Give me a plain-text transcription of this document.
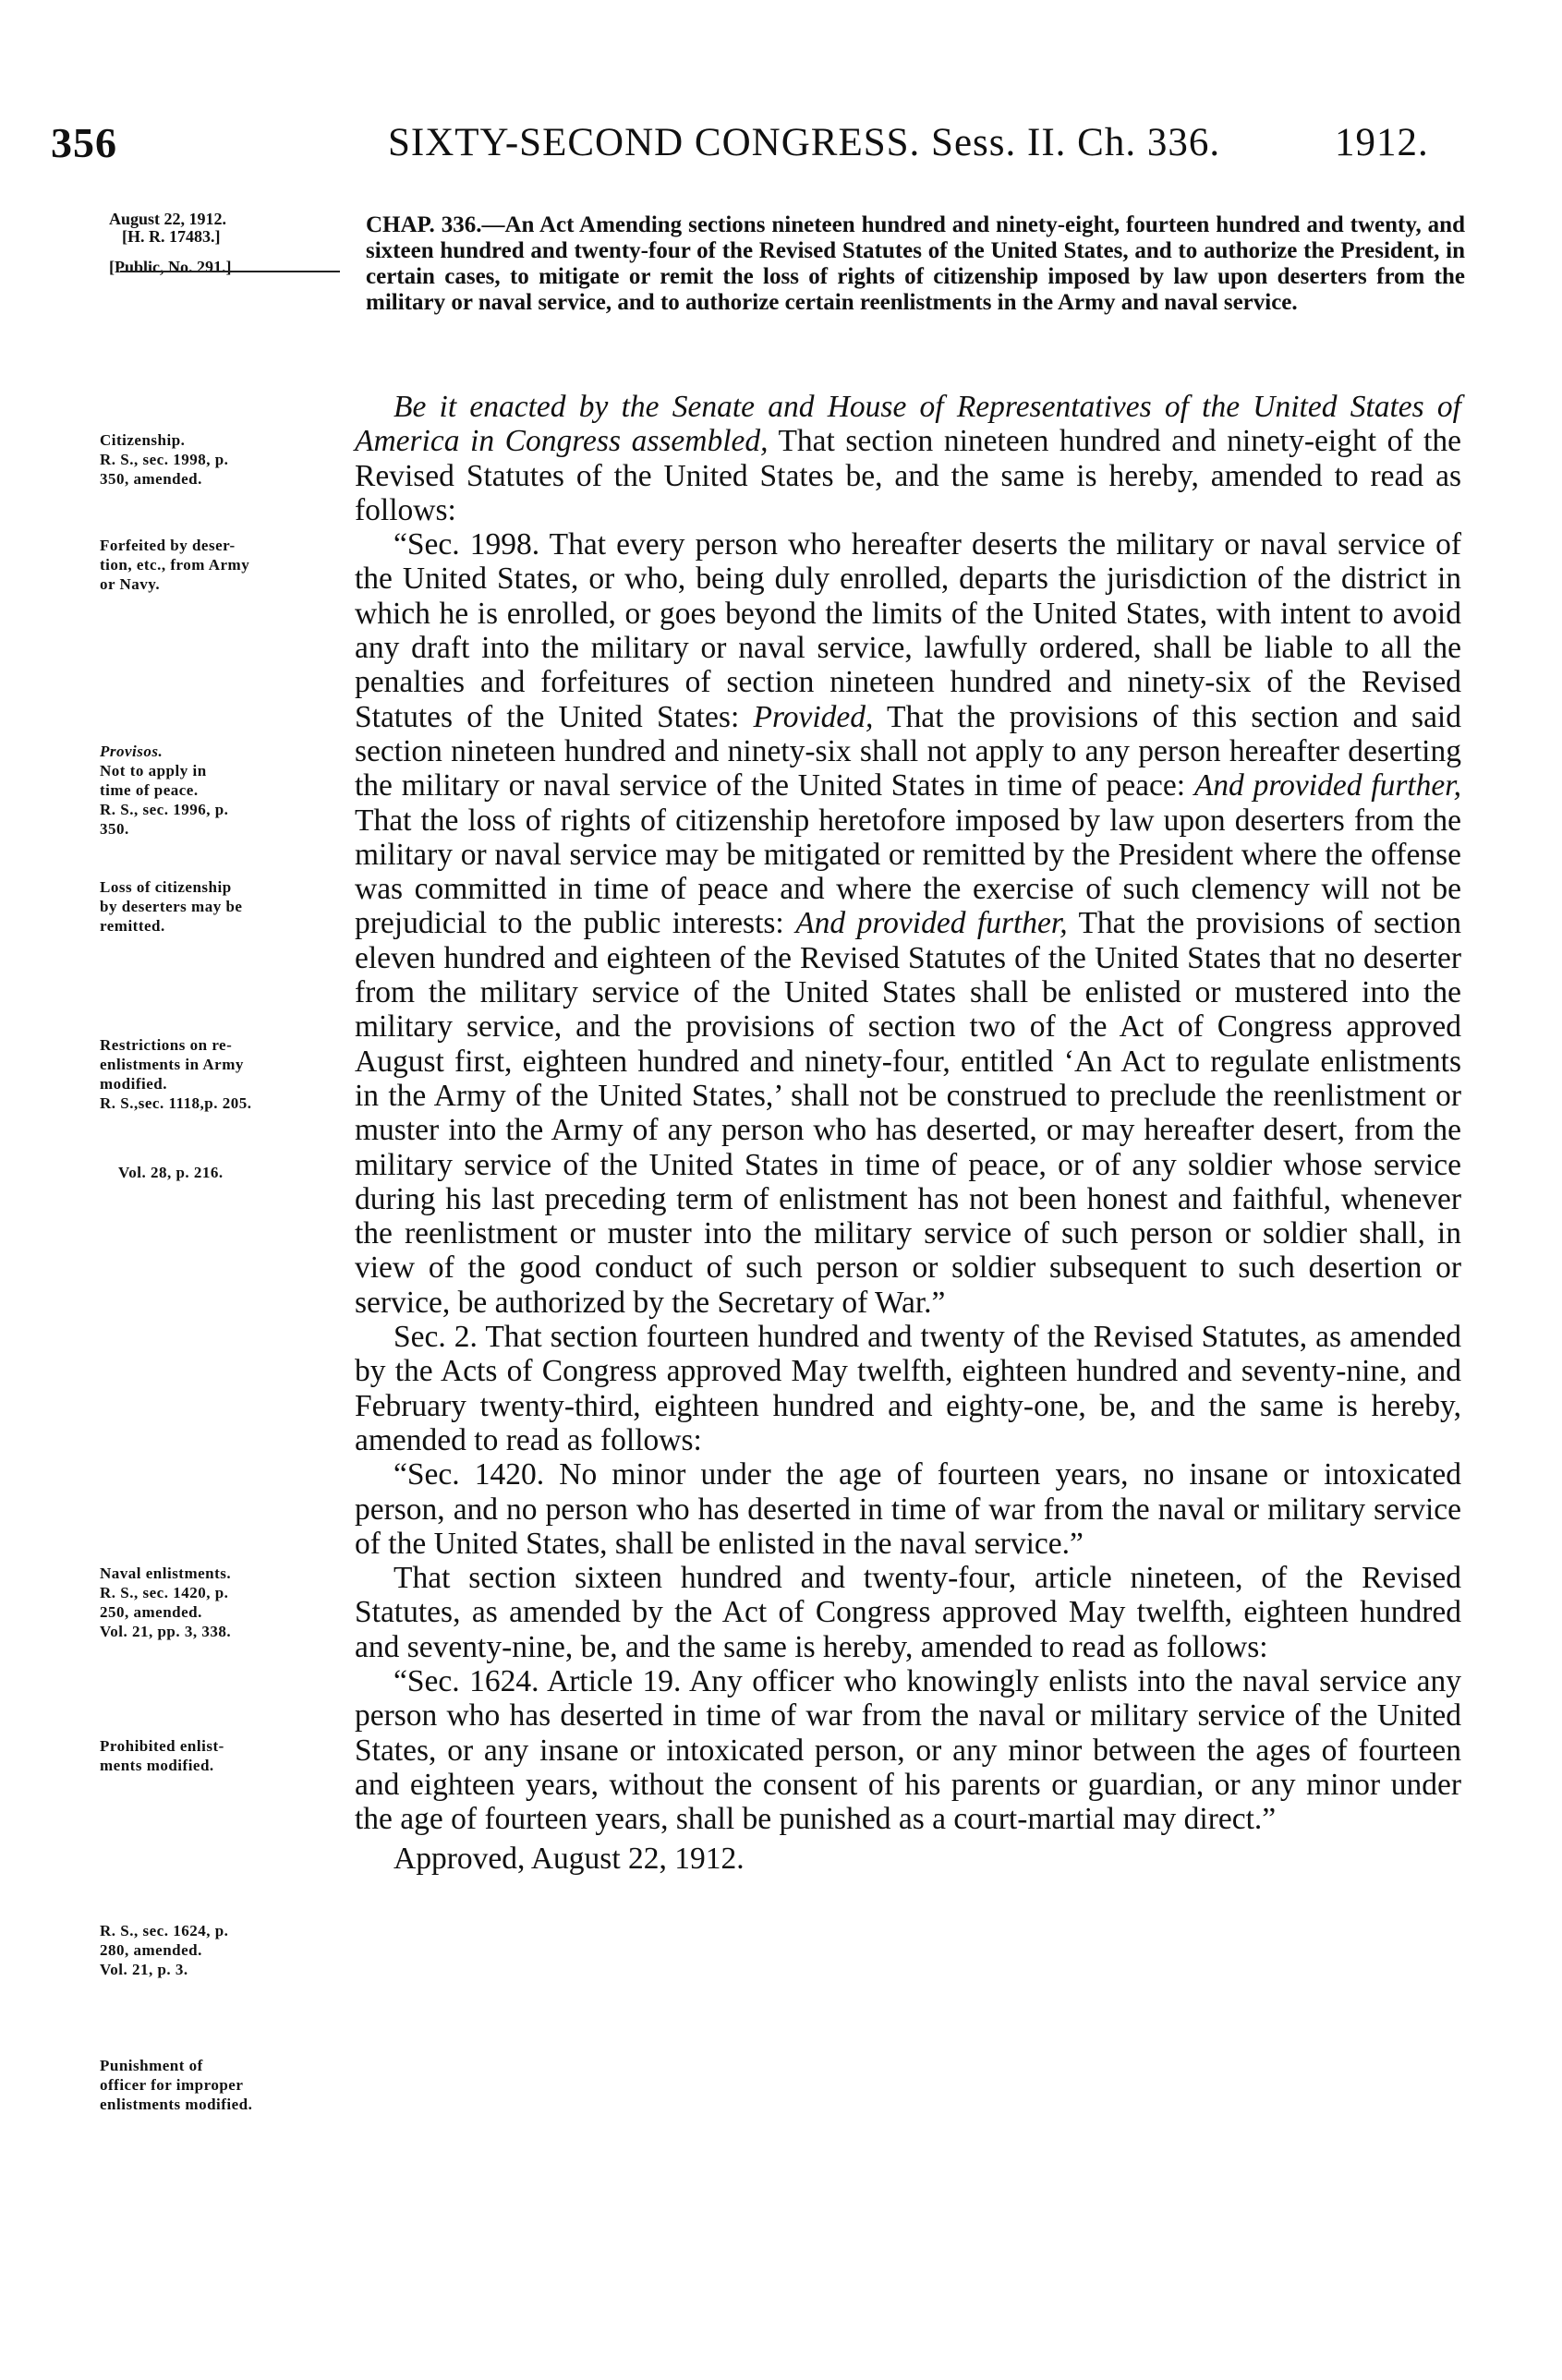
356	SIXTY-SECOND CONGRESS. Sess. II. Ch. 336.	1912.
August 22, 1912.
[H. R. 17483.]
[Public, No. 291.]
CHAP. 336.—An Act Amending sections nineteen hundred and ninety-eight, fourteen hundred and twenty, and sixteen hundred and twenty-four of the Revised Statutes of the United States, and to authorize the President, in certain cases, to mitigate or remit the loss of rights of citizenship imposed by law upon deserters from the military or naval service, and to authorize certain reenlistments in the Army and naval service.
Citizenship.
R. S., sec. 1998, p.
350, amended.
Forfeited by deser-
tion, etc., from Army
or Navy.
Provisos.
Not to apply in
time of peace.
R. S., sec. 1996, p.
350.
Loss of citizenship
by deserters may be
remitted.
Restrictions on re-
enlistments in Army
modified.
R. S.,sec. 1118,p. 205.
Vol. 28, p. 216.
Naval enlistments.
R. S., sec. 1420, p.
250, amended.
Vol. 21, pp. 3, 338.
Prohibited enlist-
ments modified.
R. S., sec. 1624, p.
280, amended.
Vol. 21, p. 3.
Punishment of
officer for improper
enlistments modified.

Be it enacted by the Senate and House of Representatives of the United States of America in Congress assembled, That section nineteen hundred and ninety-eight of the Revised Statutes of the United States be, and the same is hereby, amended to read as follows:

“Sec. 1998. That every person who hereafter deserts the military or naval service of the United States, or who, being duly enrolled, departs the jurisdiction of the district in which he is enrolled, or goes beyond the limits of the United States, with intent to avoid any draft into the military or naval service, lawfully ordered, shall be liable to all the penalties and forfeitures of section nineteen hundred and ninety-six of the Revised Statutes of the United States: Provided, That the provisions of this section and said section nineteen hundred and ninety-six shall not apply to any person hereafter deserting the military or naval service of the United States in time of peace: And provided further, That the loss of rights of citizenship heretofore imposed by law upon deserters from the military or naval service may be mitigated or remitted by the President where the offense was committed in time of peace and where the exercise of such clemency will not be prejudicial to the public interests: And provided further, That the provisions of section eleven hundred and eighteen of the Revised Statutes of the United States that no deserter from the military service of the United States shall be enlisted or mustered into the military service, and the provisions of section two of the Act of Congress approved August first, eighteen hundred and ninety-four, entitled ‘An Act to regulate enlistments in the Army of the United States,’ shall not be construed to preclude the reenlistment or muster into the Army of any person who has deserted, or may hereafter desert, from the military service of the United States in time of peace, or of any soldier whose service during his last preceding term of enlistment has not been honest and faithful, whenever the reenlistment or muster into the military service of such person or soldier shall, in view of the good conduct of such person or soldier subsequent to such desertion or service, be authorized by the Secretary of War.”

Sec. 2. That section fourteen hundred and twenty of the Revised Statutes, as amended by the Acts of Congress approved May twelfth, eighteen hundred and seventy-nine, and February twenty-third, eighteen hundred and eighty-one, be, and the same is hereby, amended to read as follows:

“Sec. 1420. No minor under the age of fourteen years, no insane or intoxicated person, and no person who has deserted in time of war from the naval or military service of the United States, shall be enlisted in the naval service.”

That section sixteen hundred and twenty-four, article nineteen, of the Revised Statutes, as amended by the Act of Congress approved May twelfth, eighteen hundred and seventy-nine, be, and the same is hereby, amended to read as follows:

“Sec. 1624. Article 19. Any officer who knowingly enlists into the naval service any person who has deserted in time of war from the naval or military service of the United States, or any insane or intoxicated person, or any minor between the ages of fourteen and eighteen years, without the consent of his parents or guardian, or any minor under the age of fourteen years, shall be punished as a court-martial may direct.”

Approved, August 22, 1912.
